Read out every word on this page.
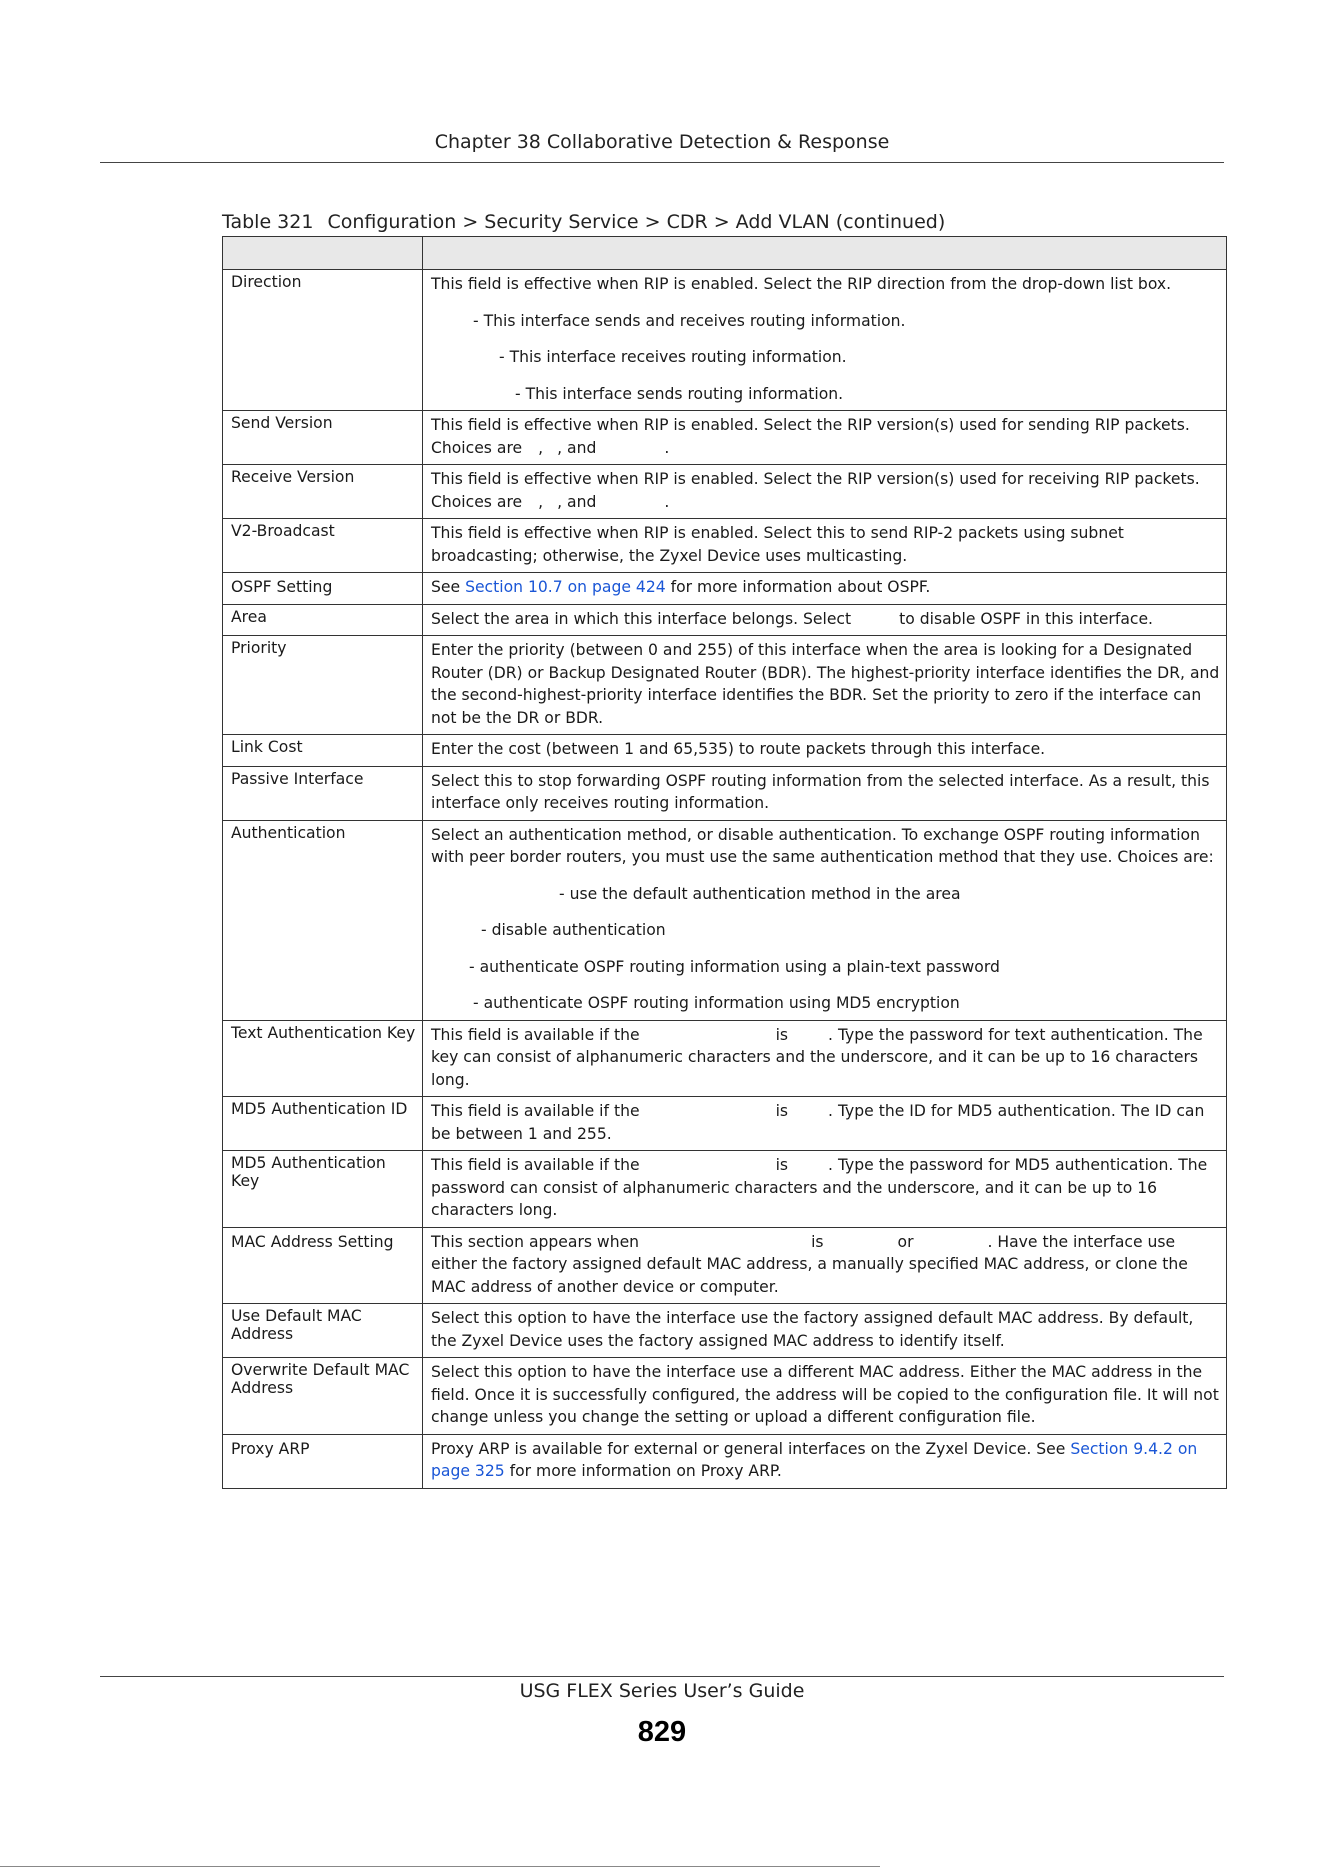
Chapter 38 Collaborative Detection & Response
Table 321 Configuration > Security Service > CDR > Add VLAN (continued)

Direction	This field is effective when RIP is enabled. Select the RIP direction from the drop-down list box.

- This interface sends and receives routing information.

- This interface receives routing information.

- This interface sends routing information.

Send Version	This field is effective when RIP is enabled. Select the RIP version(s) used for sending RIP packets. Choices are , , and .
Receive Version	This field is effective when RIP is enabled. Select the RIP version(s) used for receiving RIP packets. Choices are , , and .
V2-Broadcast	This field is effective when RIP is enabled. Select this to send RIP-2 packets using subnet broadcasting; otherwise, the Zyxel Device uses multicasting.
OSPF Setting	See Section 10.7 on page 424 for more information about OSPF.
Area	Select the area in which this interface belongs. Select to disable OSPF in this interface.
Priority	Enter the priority (between 0 and 255) of this interface when the area is looking for a Designated Router (DR) or Backup Designated Router (BDR). The highest-priority interface identifies the DR, and the second-highest-priority interface identifies the BDR. Set the priority to zero if the interface can not be the DR or BDR.
Link Cost	Enter the cost (between 1 and 65,535) to route packets through this interface.
Passive Interface	Select this to stop forwarding OSPF routing information from the selected interface. As a result, this interface only receives routing information.
Authentication	Select an authentication method, or disable authentication. To exchange OSPF routing information with peer border routers, you must use the same authentication method that they use. Choices are:

- use the default authentication method in the area

- disable authentication

- authenticate OSPF routing information using a plain-text password

- authenticate OSPF routing information using MD5 encryption

Text Authentication Key	This field is available if the is . Type the password for text authentication. The key can consist of alphanumeric characters and the underscore, and it can be up to 16 characters long.
MD5 Authentication ID	This field is available if the is . Type the ID for MD5 authentication. The ID can be between 1 and 255.
MD5 Authentication Key	This field is available if the is . Type the password for MD5 authentication. The password can consist of alphanumeric characters and the underscore, and it can be up to 16 characters long.
MAC Address Setting	This section appears when is or . Have the interface use either the factory assigned default MAC address, a manually specified MAC address, or clone the MAC address of another device or computer.
Use Default MAC Address	Select this option to have the interface use the factory assigned default MAC address. By default, the Zyxel Device uses the factory assigned MAC address to identify itself.
Overwrite Default MAC Address	Select this option to have the interface use a different MAC address. Either the MAC address in the field. Once it is successfully configured, the address will be copied to the configuration file. It will not change unless you change the setting or upload a different configuration file.
Proxy ARP	Proxy ARP is available for external or general interfaces on the Zyxel Device. See Section 9.4.2 on page 325 for more information on Proxy ARP.
USG FLEX Series User’s Guide
829
